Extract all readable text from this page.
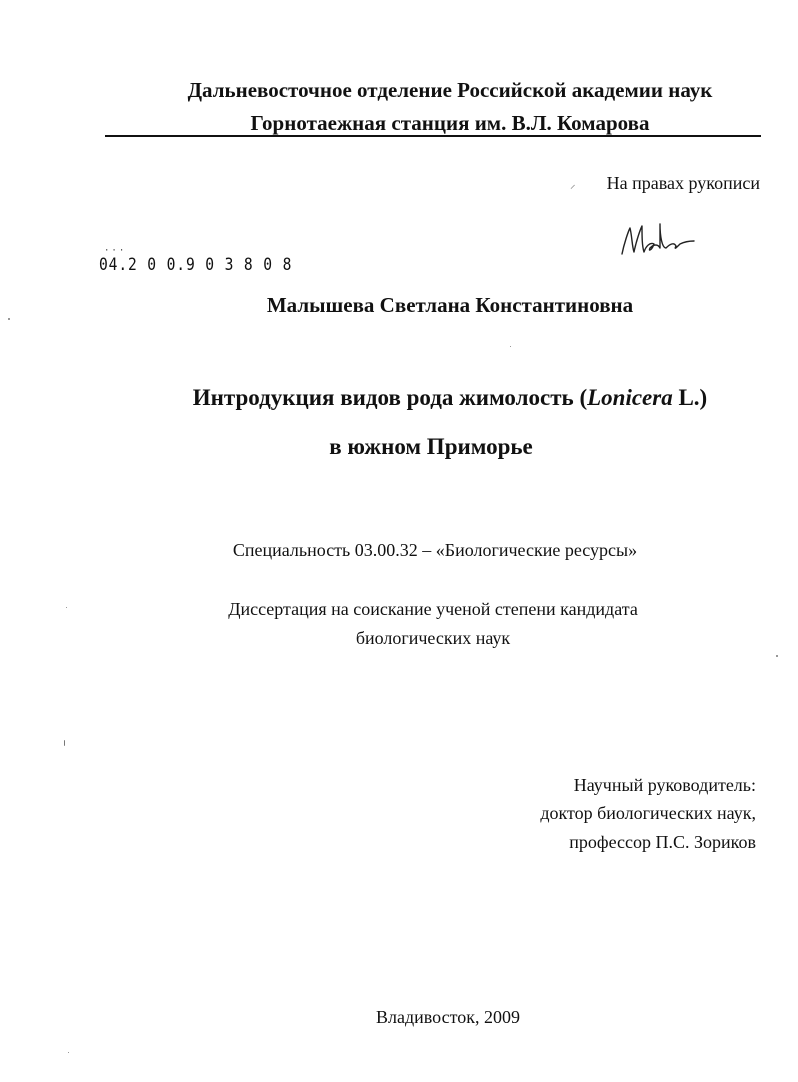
Дальневосточное отделение Российской академии наук
Горнотаежная станция им. В.Л. Комарова
⸝ На правах рукописи
···
04.2 0 0.9 0 3 8 0 8
Малышева Светлана Константиновна
Интродукция видов рода жимолость (Lonicera L.)
в южном Приморье
Специальность 03.00.32 – «Биологические ресурсы»
Диссертация на соискание ученой степени кандидата
биологических наук
Научный руководитель:
доктор биологических наук,
профессор П.С. Зориков
Владивосток, 2009
